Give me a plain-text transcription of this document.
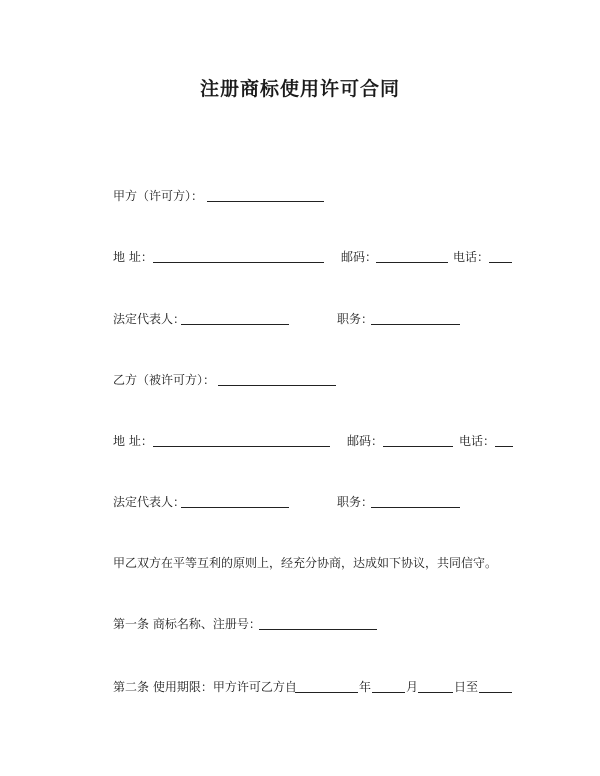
注册商标使用许可合同
甲方（许可方）：
地 址：	邮码：	电话：
法定代表人：	职务：
乙方（被许可方）：
地 址：	邮码：	电话：
法定代表人：	职务：
甲乙双方在平等互利的原则上，经充分协商，达成如下协议，共同信守。
第一条 商标名称、注册号：
第二条 使用期限：甲方许可乙方自	年	月	日至
